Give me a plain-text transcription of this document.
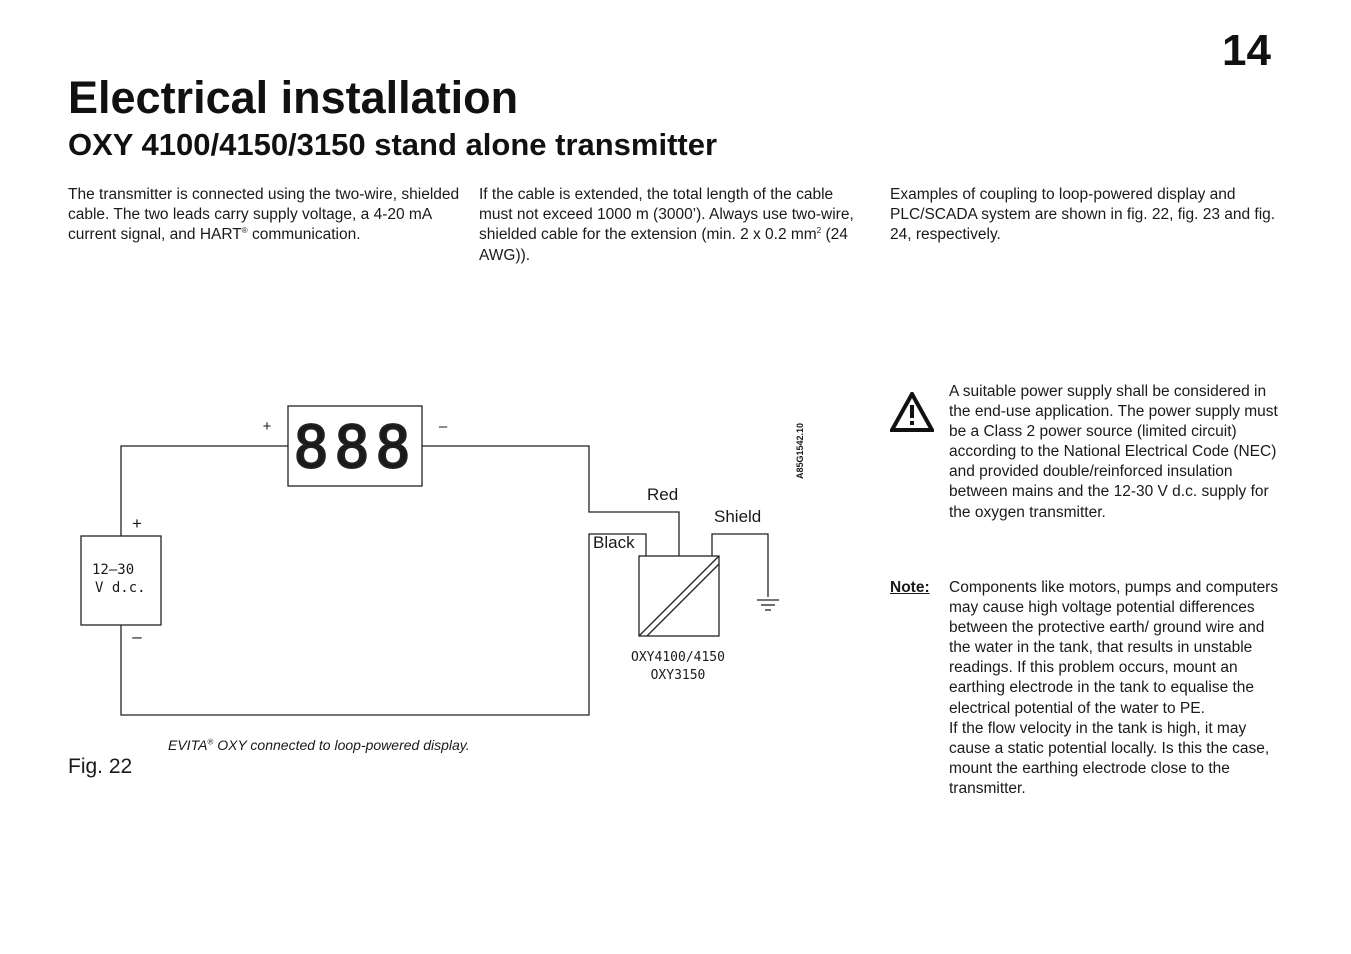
14
Electrical installation
OXY 4100/4150/3150 stand alone transmitter

The transmitter is connected using the two-wire, shielded cable. The two leads carry supply voltage, a 4-20 mA current signal, and HART® communication.

If the cable is extended, the total length of the cable must not exceed 1000 m (3000’). Always use two-wire, shielded cable for the extension (min. 2 x 0.2 $mm^2$ (24 AWG)).

Examples of coupling to loop-powered display and PLC/SCADA system are shown in fig. 22, fig. 23 and fig. 24, respectively.

888
+	–
12–30
V d.c.
+
–
Red
Black
Shield
OXY4100/4150
OXY3150
A85G1542.10
EVITA® OXY connected to loop-powered display.
Fig. 22

A suitable power supply shall be considered in the end-use application. The power supply must be a Class 2 power source (limited circuit) according to the National Electrical Code (NEC) and provided double/reinforced insulation between mains and the 12-30 V d.c. supply for the oxygen transmitter.

Note: Components like motors, pumps and computers may cause high voltage potential differences between the protective earth/ ground wire and the water in the tank, that results in unstable readings. If this problem occurs, mount an earthing electrode in the tank to equalise the electrical potential of the water to PE.

If the flow velocity in the tank is high, it may cause a static potential locally. Is this the case, mount the earthing electrode close to the transmitter.
